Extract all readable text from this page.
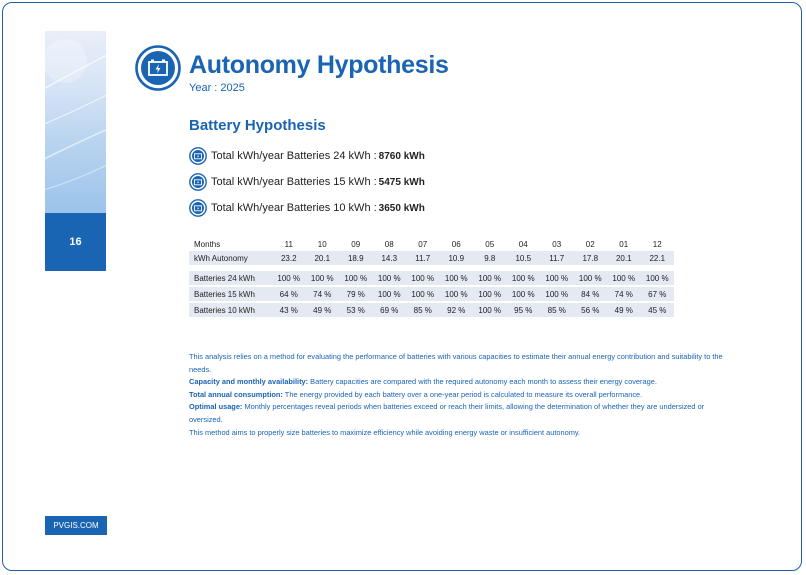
16
PVGIS.COM
Autonomy Hypothesis
Year : 2025
Battery Hypothesis
Total kWh/year Batteries 24 kWh : 8760 kWh
Total kWh/year Batteries 15 kWh : 5475 kWh
Total kWh/year Batteries 10 kWh : 3650 kWh
Months	11	10	09	08	07	06	05	04	03	02	01	12
kWh Autonomy	23.2	20.1	18.9	14.3	11.7	10.9	9.8	10.5	11.7	17.8	20.1	22.1

Batteries 24 kWh	100 %	100 %	100 %	100 %	100 %	100 %	100 %	100 %	100 %	100 %	100 %	100 %
Batteries 15 kWh	64 %	74 %	79 %	100 %	100 %	100 %	100 %	100 %	100 %	84 %	74 %	67 %
Batteries 10 kWh	43 %	49 %	53 %	69 %	85 %	92 %	100 %	95 %	85 %	56 %	49 %	45 %

This analysis relies on a method for evaluating the performance of batteries with various capacities to estimate their annual energy contribution and suitability to the needs.

Capacity and monthly availability: Battery capacities are compared with the required autonomy each month to assess their energy coverage.

Total annual consumption: The energy provided by each battery over a one-year period is calculated to measure its overall performance.

Optimal usage: Monthly percentages reveal periods when batteries exceed or reach their limits, allowing the determination of whether they are undersized or oversized.

This method aims to properly size batteries to maximize efficiency while avoiding energy waste or insufficient autonomy.
